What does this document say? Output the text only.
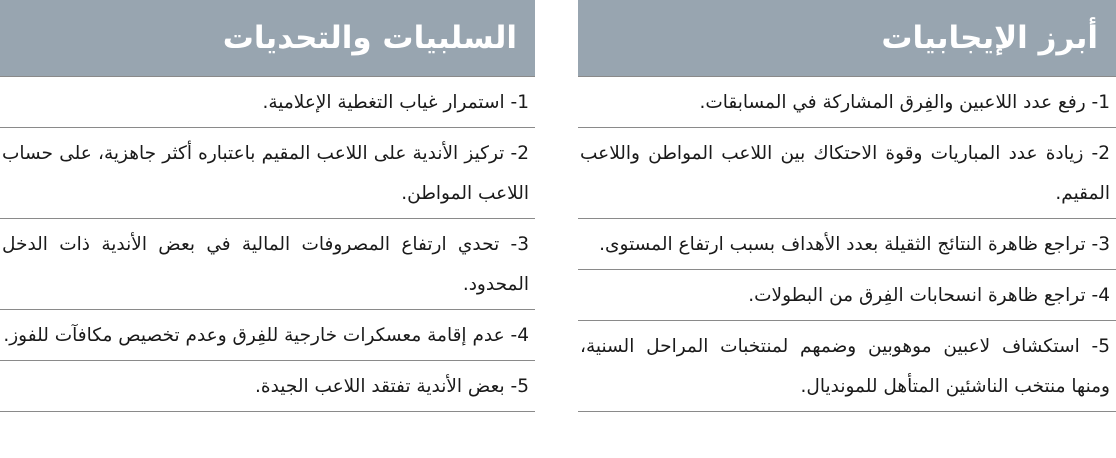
أبرز الإيجابيات
1- رفع عدد اللاعبين والفِرق المشاركة في المسابقات.
2- زيادة عدد المباريات وقوة الاحتكاك بين اللاعب المواطن واللاعب المقيم.
3- تراجع ظاهرة النتائج الثقيلة بعدد الأهداف بسبب ارتفاع المستوى.
4- تراجع ظاهرة انسحابات الفِرق من البطولات.
5- استكشاف لاعبين موهوبين وضمهم لمنتخبات المراحل السنية، ومنها منتخب الناشئين المتأهل للمونديال.
السلبيات والتحديات
1- استمرار غياب التغطية الإعلامية.
2- تركيز الأندية على اللاعب المقيم باعتباره أكثر جاهزية، على حساب اللاعب المواطن.
3- تحدي ارتفاع المصروفات المالية في بعض الأندية ذات الدخل المحدود.
4- عدم إقامة معسكرات خارجية للفِرق وعدم تخصيص مكافآت للفوز.
5- بعض الأندية تفتقد اللاعب الجيدة.
